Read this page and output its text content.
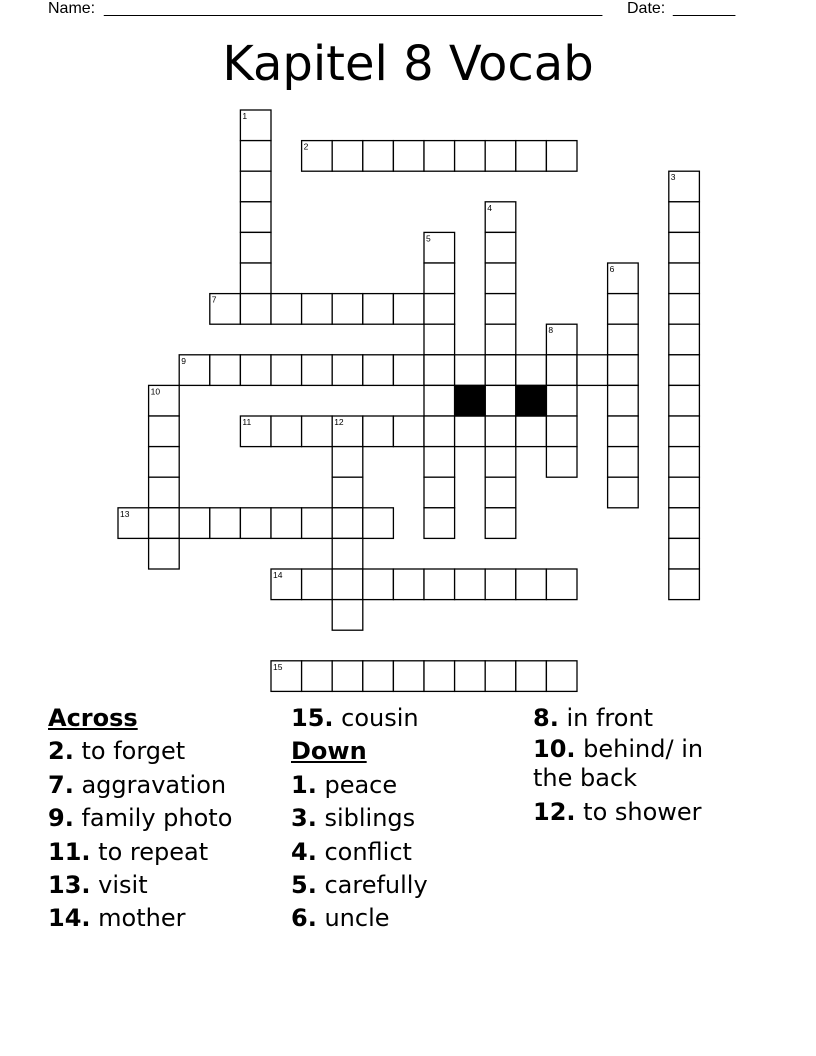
Name: ________________________________________________________ Date: _______
Kapitel 8 Vocab
1
2
3
4
5
6
7
8
9
10
11	12
13
14
15
Across
2. to forget
7. aggravation
9. family photo
11. to repeat
13. visit
14. mother
15. cousin
Down
1. peace
3. siblings
4. conflict
5. carefully
6. uncle
8. in front
10. behind/ in the back
12. to shower
